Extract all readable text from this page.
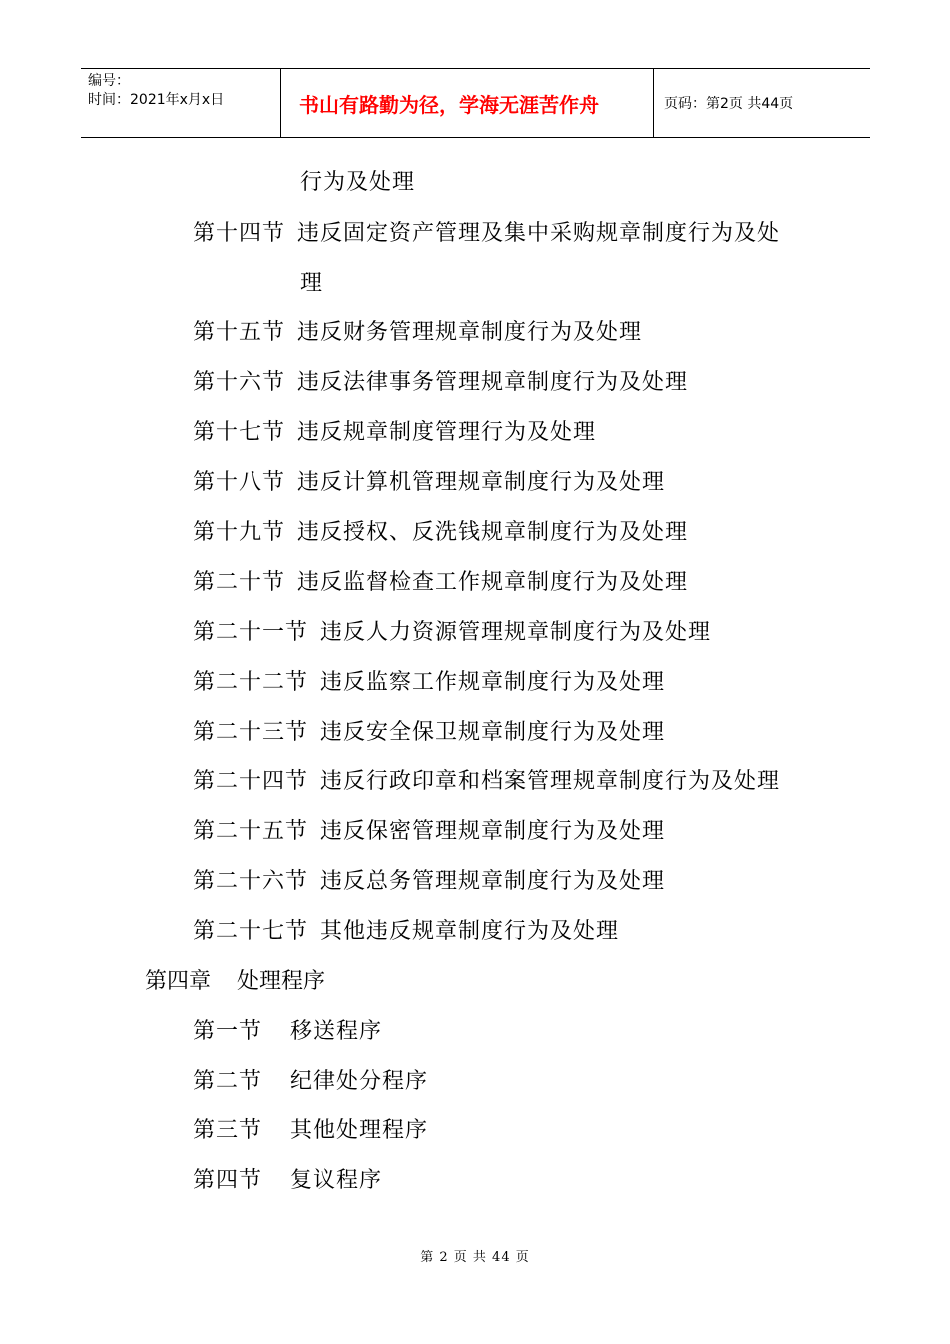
编号：
时间：2021年x月x日	书山有路勤为径，学海无涯苦作舟	页码：第2页 共44页
行为及处理
第十四节 违反固定资产管理及集中采购规章制度行为及处
理
第十五节 违反财务管理规章制度行为及处理
第十六节 违反法律事务管理规章制度行为及处理
第十七节 违反规章制度管理行为及处理
第十八节 违反计算机管理规章制度行为及处理
第十九节 违反授权、反洗钱规章制度行为及处理
第二十节 违反监督检查工作规章制度行为及处理
第二十一节 违反人力资源管理规章制度行为及处理
第二十二节 违反监察工作规章制度行为及处理
第二十三节 违反安全保卫规章制度行为及处理
第二十四节 违反行政印章和档案管理规章制度行为及处理
第二十五节 违反保密管理规章制度行为及处理
第二十六节 违反总务管理规章制度行为及处理
第二十七节 其他违反规章制度行为及处理
第四章 处理程序
第一节 移送程序
第二节 纪律处分程序
第三节 其他处理程序
第四节 复议程序
第 2 页 共 44 页
